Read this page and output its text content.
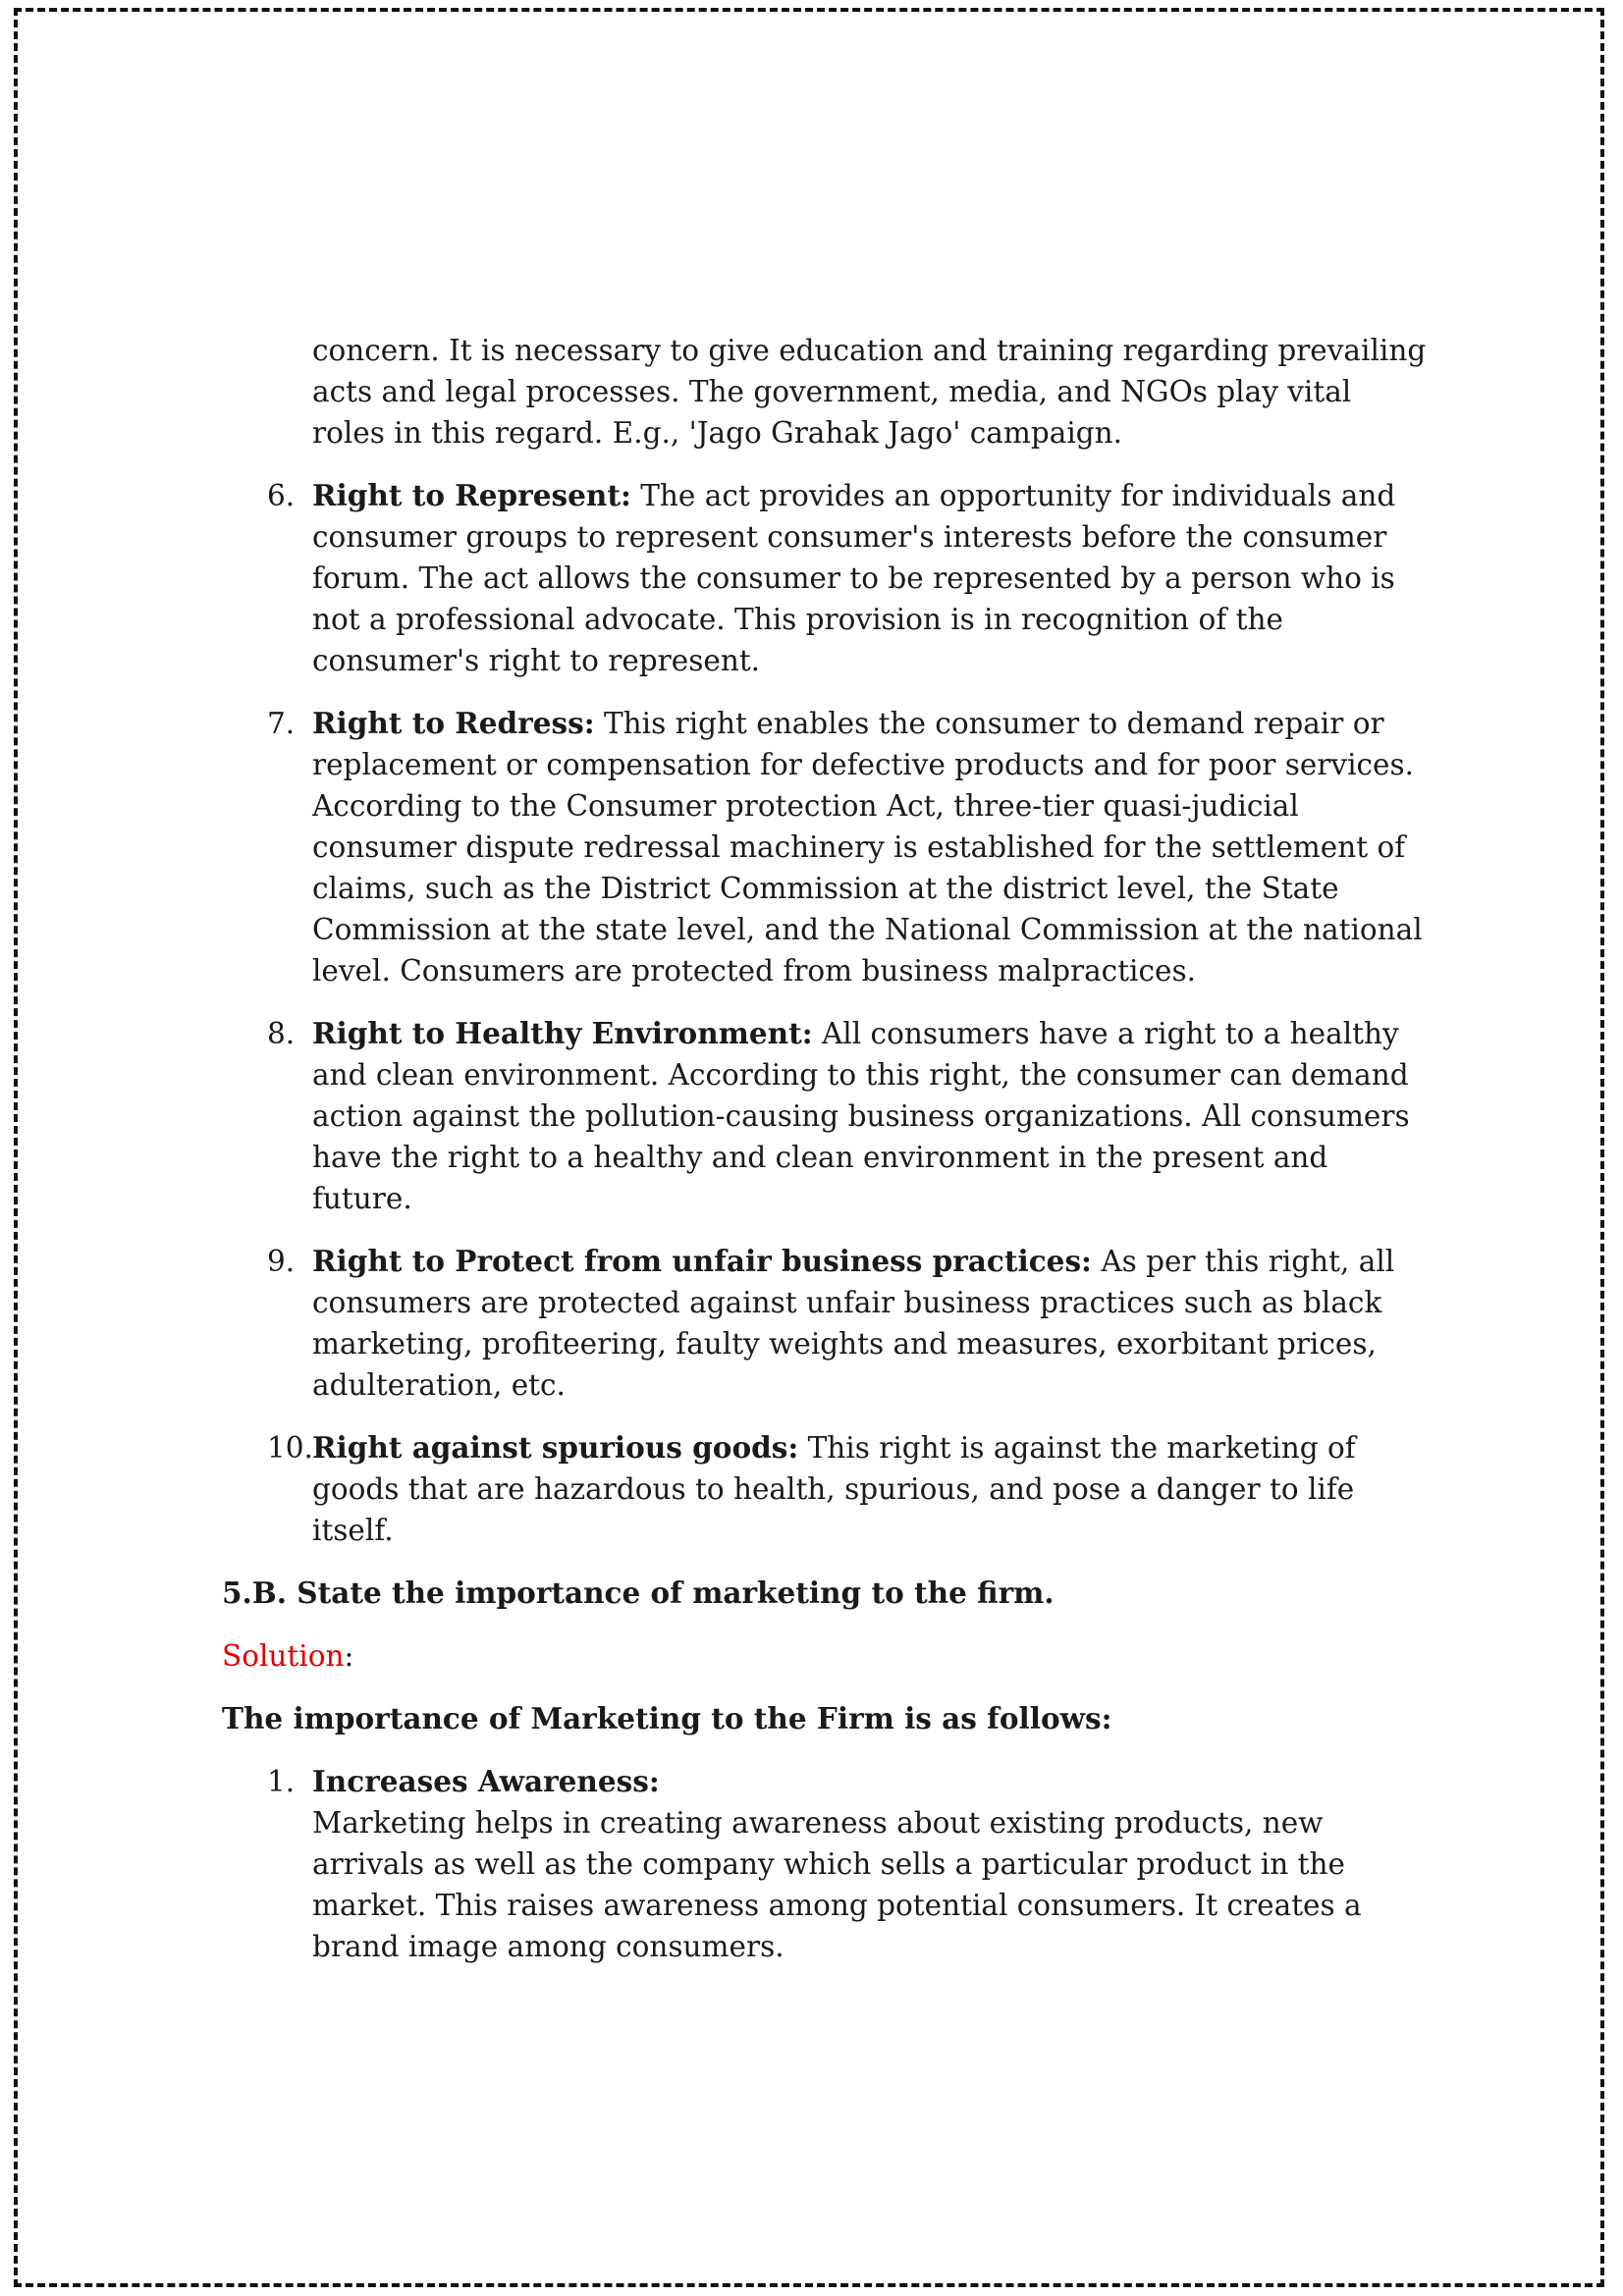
concern. It is necessary to give education and training regarding prevailing acts and legal processes. The government, media, and NGOs play vital roles in this regard. E.g., 'Jago Grahak Jago' campaign.

6. Right to Represent: The act provides an opportunity for individuals and consumer groups to represent consumer's interests before the consumer forum. The act allows the consumer to be represented by a person who is not a professional advocate. This provision is in recognition of the consumer's right to represent.
7. Right to Redress: This right enables the consumer to demand repair or replacement or compensation for defective products and for poor services. According to the Consumer protection Act, three-tier quasi-judicial consumer dispute redressal machinery is established for the settlement of claims, such as the District Commission at the district level, the State Commission at the state level, and the National Commission at the national level. Consumers are protected from business malpractices.
8. Right to Healthy Environment: All consumers have a right to a healthy and clean environment. According to this right, the consumer can demand action against the pollution-causing business organizations. All consumers have the right to a healthy and clean environment in the present and future.
9. Right to Protect from unfair business practices: As per this right, all consumers are protected against unfair business practices such as black marketing, profiteering, faulty weights and measures, exorbitant prices, adulteration, etc.
10. Right against spurious goods: This right is against the marketing of goods that are hazardous to health, spurious, and pose a danger to life itself.

5.B. State the importance of marketing to the firm.

Solution:

The importance of Marketing to the Firm is as follows:

1. Increases Awareness:
Marketing helps in creating awareness about existing products, new arrivals as well as the company which sells a particular product in the market. This raises awareness among potential consumers. It creates a brand image among consumers.
